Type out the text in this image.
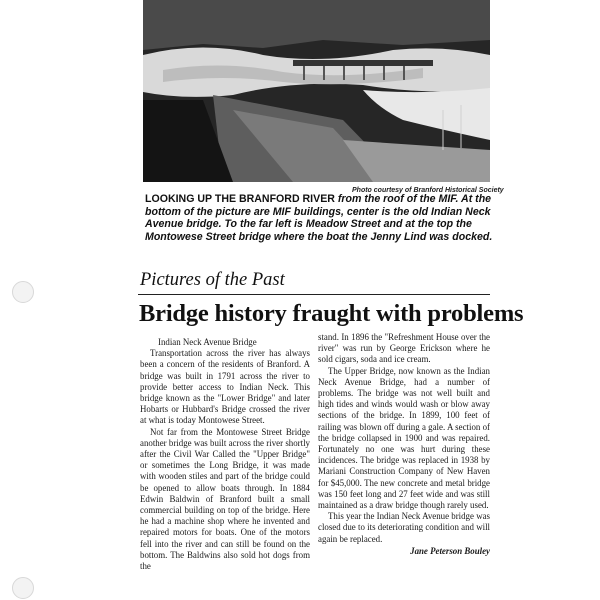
Photo courtesy of Branford Historical Society
LOOKING UP THE BRANFORD RIVER from the roof of the MIF. At the bottom of the picture are MIF buildings, center is the old Indian Neck Avenue bridge. To the far left is Meadow Street and at the top the Montowese Street bridge where the boat the Jenny Lind was docked.
Pictures of the Past
Bridge history fraught with problems

Indian Neck Avenue Bridge

Transportation across the river has always been a concern of the residents of Branford. A bridge was built in 1791 across the river to provide better access to Indian Neck. This bridge known as the "Lower Bridge" and later Hobarts or Hubbard's Bridge crossed the river at what is today Montowese Street.

Not far from the Montowese Street Bridge another bridge was built across the river shortly after the Civil War Called the "Upper Bridge" or sometimes the Long Bridge, it was made with wooden stiles and part of the bridge could be opened to allow boats through. In 1884 Edwin Baldwin of Branford built a small commercial building on top of the bridge. Here he had a machine shop where he invented and repaired motors for boats. One of the motors fell into the river and can still be found on the bottom. The Baldwins also sold hot dogs from the

stand. In 1896 the "Refreshment House over the river" was run by George Erickson where he sold cigars, soda and ice cream.

The Upper Bridge, now known as the Indian Neck Avenue Bridge, had a number of problems. The bridge was not well built and high tides and winds would wash or blow away sections of the bridge. In 1899, 100 feet of railing was blown off during a gale. A section of the bridge collapsed in 1900 and was repaired. Fortunately no one was hurt during these incidences. The bridge was replaced in 1938 by Mariani Construction Company of New Haven for $45,000. The new concrete and metal bridge was 150 feet long and 27 feet wide and was still maintained as a draw bridge though rarely used.

This year the Indian Neck Avenue bridge was closed due to its deteriorating condition and will again be replaced.

Jane Peterson Bouley
